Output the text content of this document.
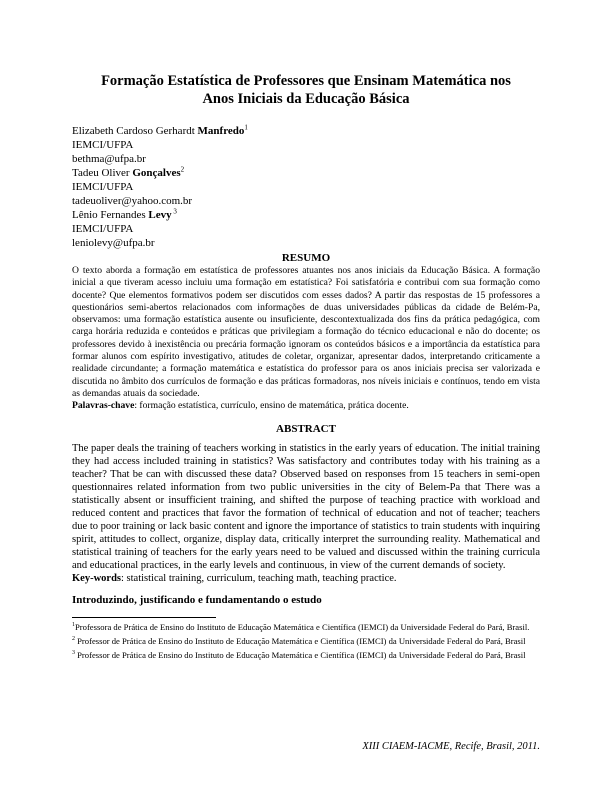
Formação Estatística de Professores que Ensinam Matemática nos
Anos Iniciais da Educação Básica
Elizabeth Cardoso Gerhardt Manfredo$^1$
IEMCI/UFPA
bethma@ufpa.br
Tadeu Oliver Gonçalves$^2$
IEMCI/UFPA
tadeuoliver@yahoo.com.br
Lênio Fernandes Levy $^3$
IEMCI/UFPA
leniolevy@ufpa.br
RESUMO

O texto aborda a formação em estatística de professores atuantes nos anos iniciais da Educação Básica. A formação inicial a que tiveram acesso incluiu uma formação em estatística? Foi satisfatória e contribui com sua formação como docente? Que elementos formativos podem ser discutidos com esses dados? A partir das respostas de 15 professores a questionários semi-abertos relacionados com informações de duas universidades públicas da cidade de Belém-Pa, observamos: uma formação estatística ausente ou insuficiente, descontextualizada dos fins da prática pedagógica, com carga horária reduzida e conteúdos e práticas que privilegiam a formação do técnico educacional e não do docente; os professores devido à inexistência ou precária formação ignoram os conteúdos básicos e a importância da estatística para formar alunos com espírito investigativo, atitudes de coletar, organizar, apresentar dados, interpretando criticamente a realidade circundante; a formação matemática e estatística do professor para os anos iniciais precisa ser valorizada e discutida no âmbito dos currículos de formação e das práticas formadoras, nos níveis iniciais e contínuos, tendo em vista as demandas atuais da sociedade.

Palavras-chave: formação estatística, currículo, ensino de matemática, prática docente.

ABSTRACT

The paper deals the training of teachers working in statistics in the early years of education. The initial training they had access included training in statistics? Was satisfactory and contributes today with his training as a teacher? That be can with discussed these data? Observed based on responses from 15 teachers in semi-open questionnaires related information from two public universities in the city of Belem-Pa that There was a statistically absent or insufficient training, and shifted the purpose of teaching practice with workload and reduced content and practices that favor the formation of technical of education and not of teacher; teachers due to poor training or lack basic content and ignore the importance of statistics to train students with inquiring spirit, attitudes to collect, organize, display data, critically interpret the surrounding reality. Mathematical and statistical training of teachers for the early years need to be valued and discussed within the training curricula and educational practices, in the early levels and continuous, in view of the current demands of society.

Key-words: statistical training, curriculum, teaching math, teaching practice.

Introduzindo, justificando e fundamentando o estudo

$^1$Professora de Prática de Ensino do Instituto de Educação Matemática e Científica (IEMCI) da Universidade Federal do Pará, Brasil.

$^2$ Professor de Prática de Ensino do Instituto de Educação Matemática e Científica (IEMCI) da Universidade Federal do Pará, Brasil

$^3$ Professor de Prática de Ensino do Instituto de Educação Matemática e Científica (IEMCI) da Universidade Federal do Pará, Brasil

XIII CIAEM-IACME, Recife, Brasil, 2011.
